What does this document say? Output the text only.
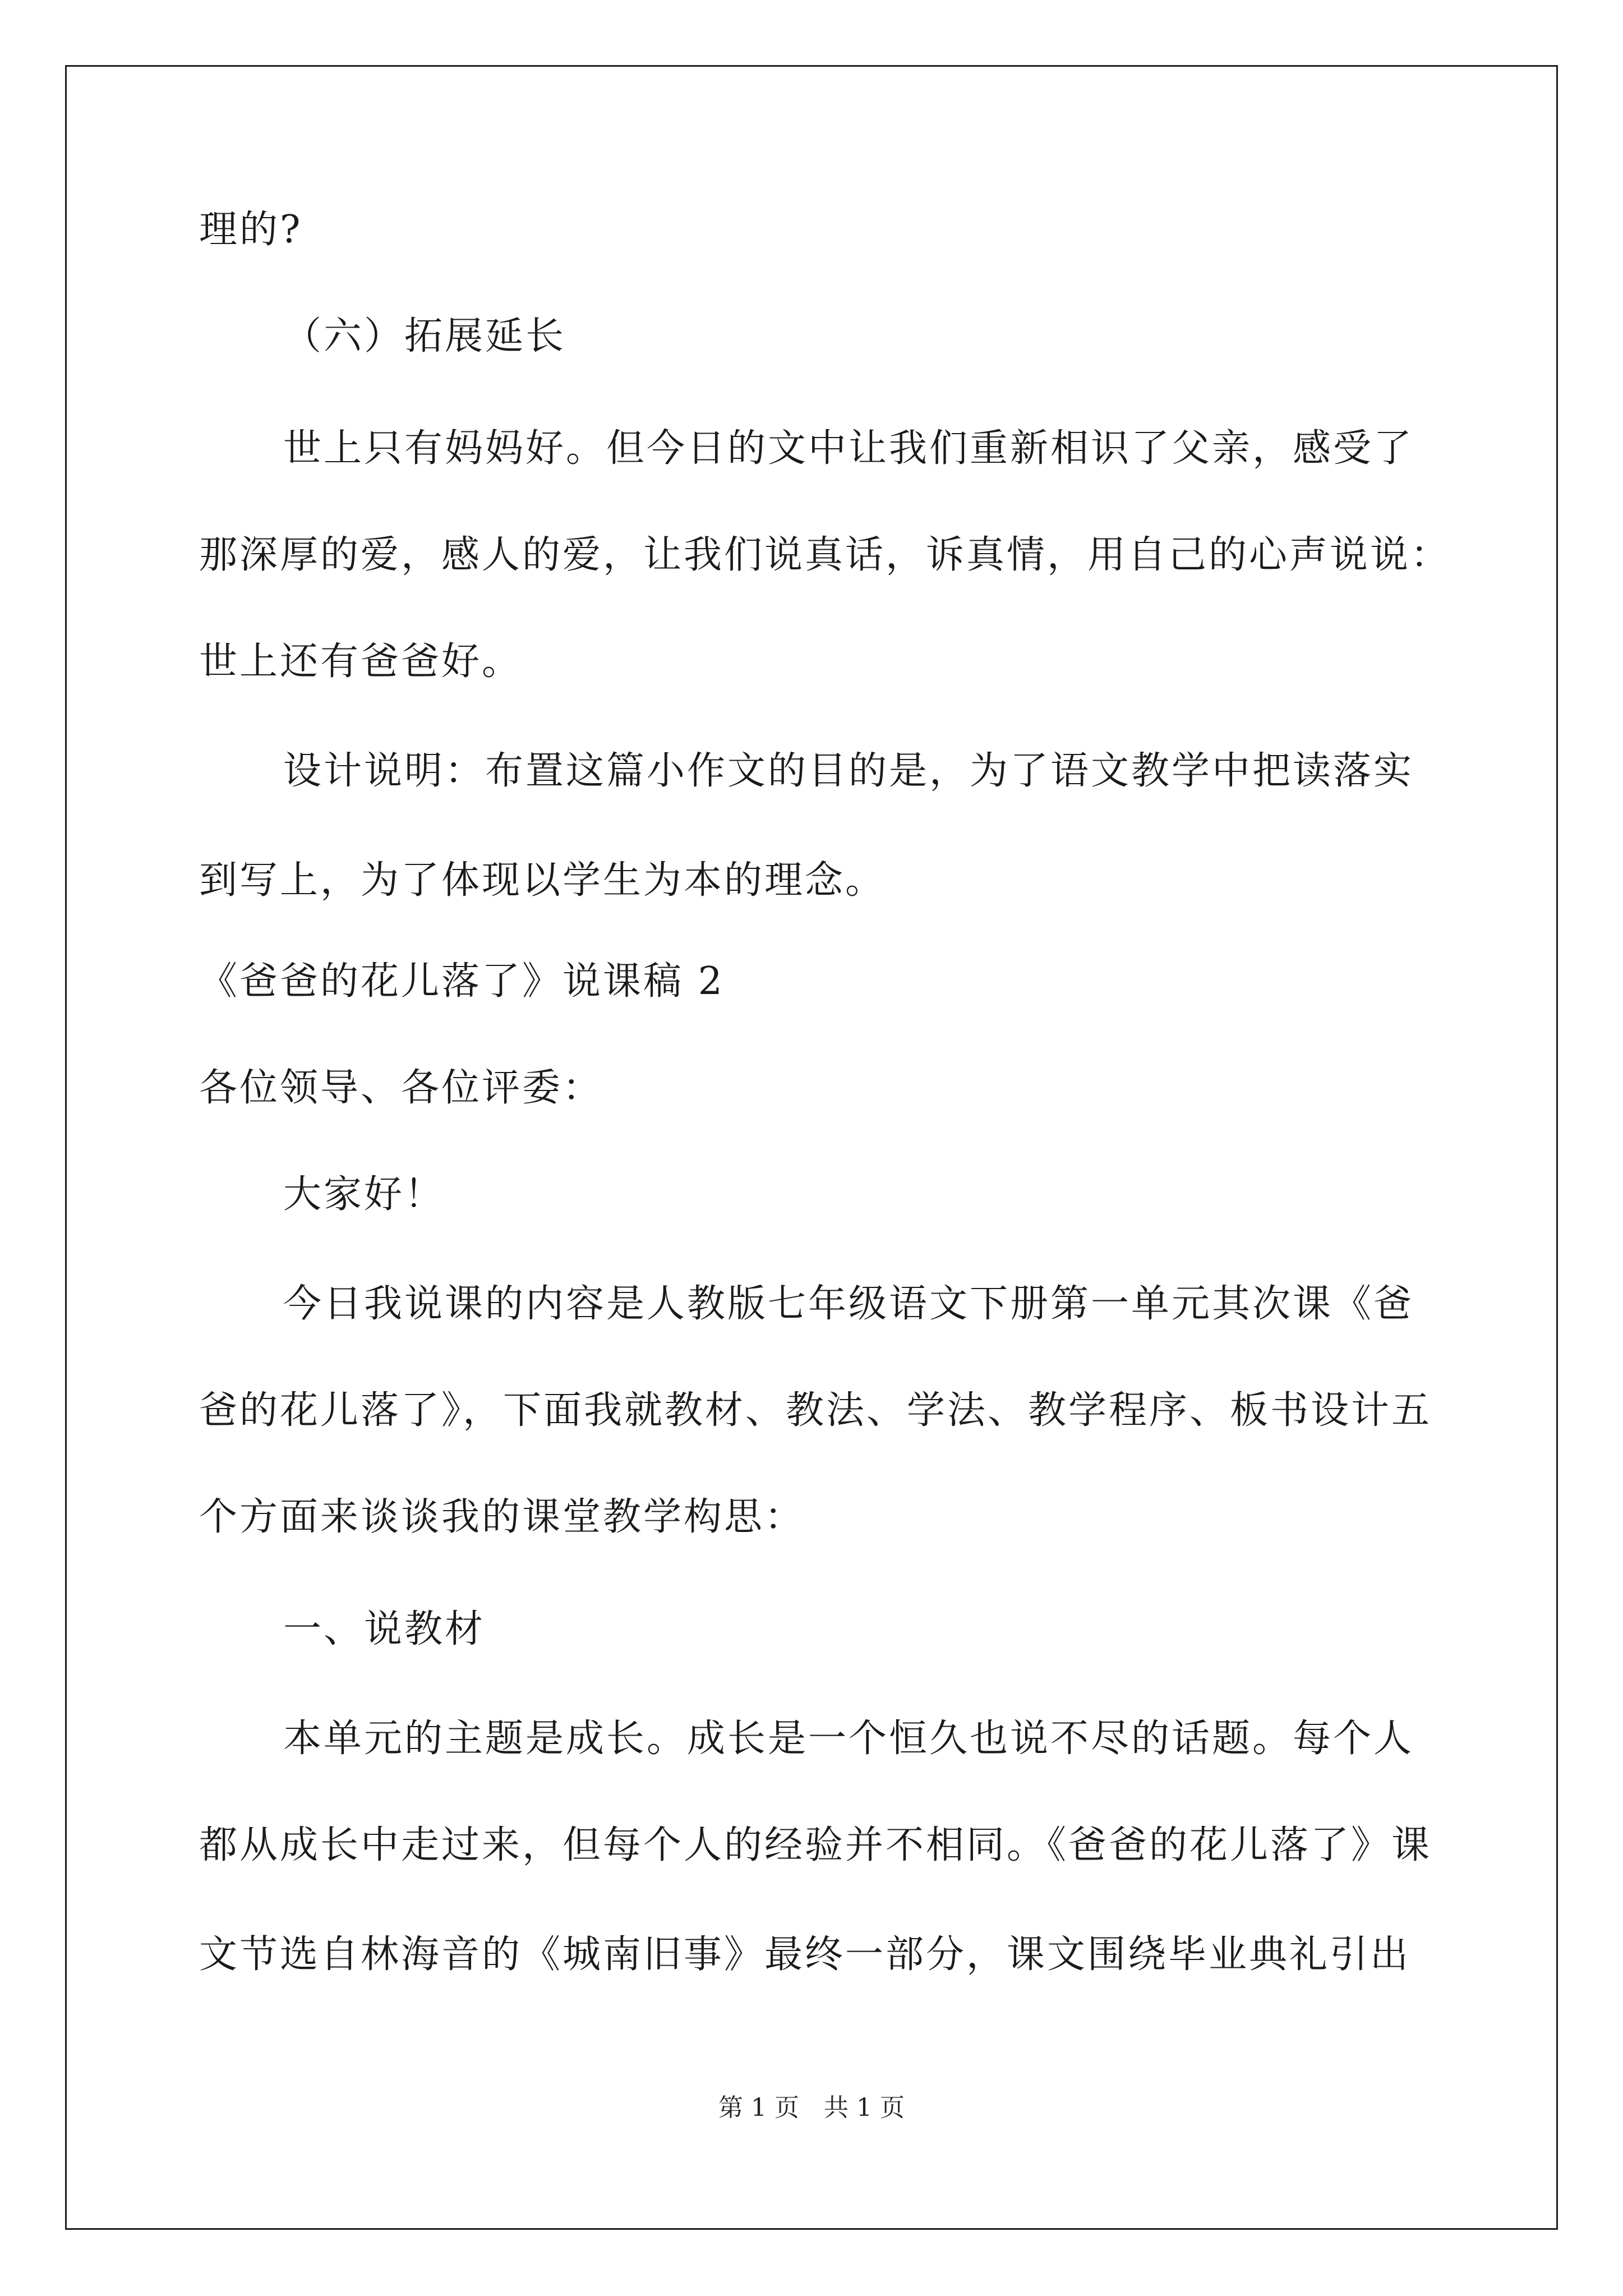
理的?
（六）拓展延长
世上只有妈妈好。但今日的文中让我们重新相识了父亲，感受了
那深厚的爱，感人的爱，让我们说真话，诉真情，用自己的心声说说：
世上还有爸爸好。
设计说明：布置这篇小作文的目的是，为了语文教学中把读落实
到写上，为了体现以学生为本的理念。
《爸爸的花儿落了》说课稿 2
各位领导、各位评委：
大家好！
今日我说课的内容是人教版七年级语文下册第一单元其次课《爸
爸的花儿落了》，下面我就教材、教法、学法、教学程序、板书设计五
个方面来谈谈我的课堂教学构思：
一、说教材
本单元的主题是成长。成长是一个恒久也说不尽的话题。每个人
都从成长中走过来，但每个人的经验并不相同。《爸爸的花儿落了》课
文节选自林海音的《城南旧事》最终一部分，课文围绕毕业典礼引出
第 1 页　共 1 页
